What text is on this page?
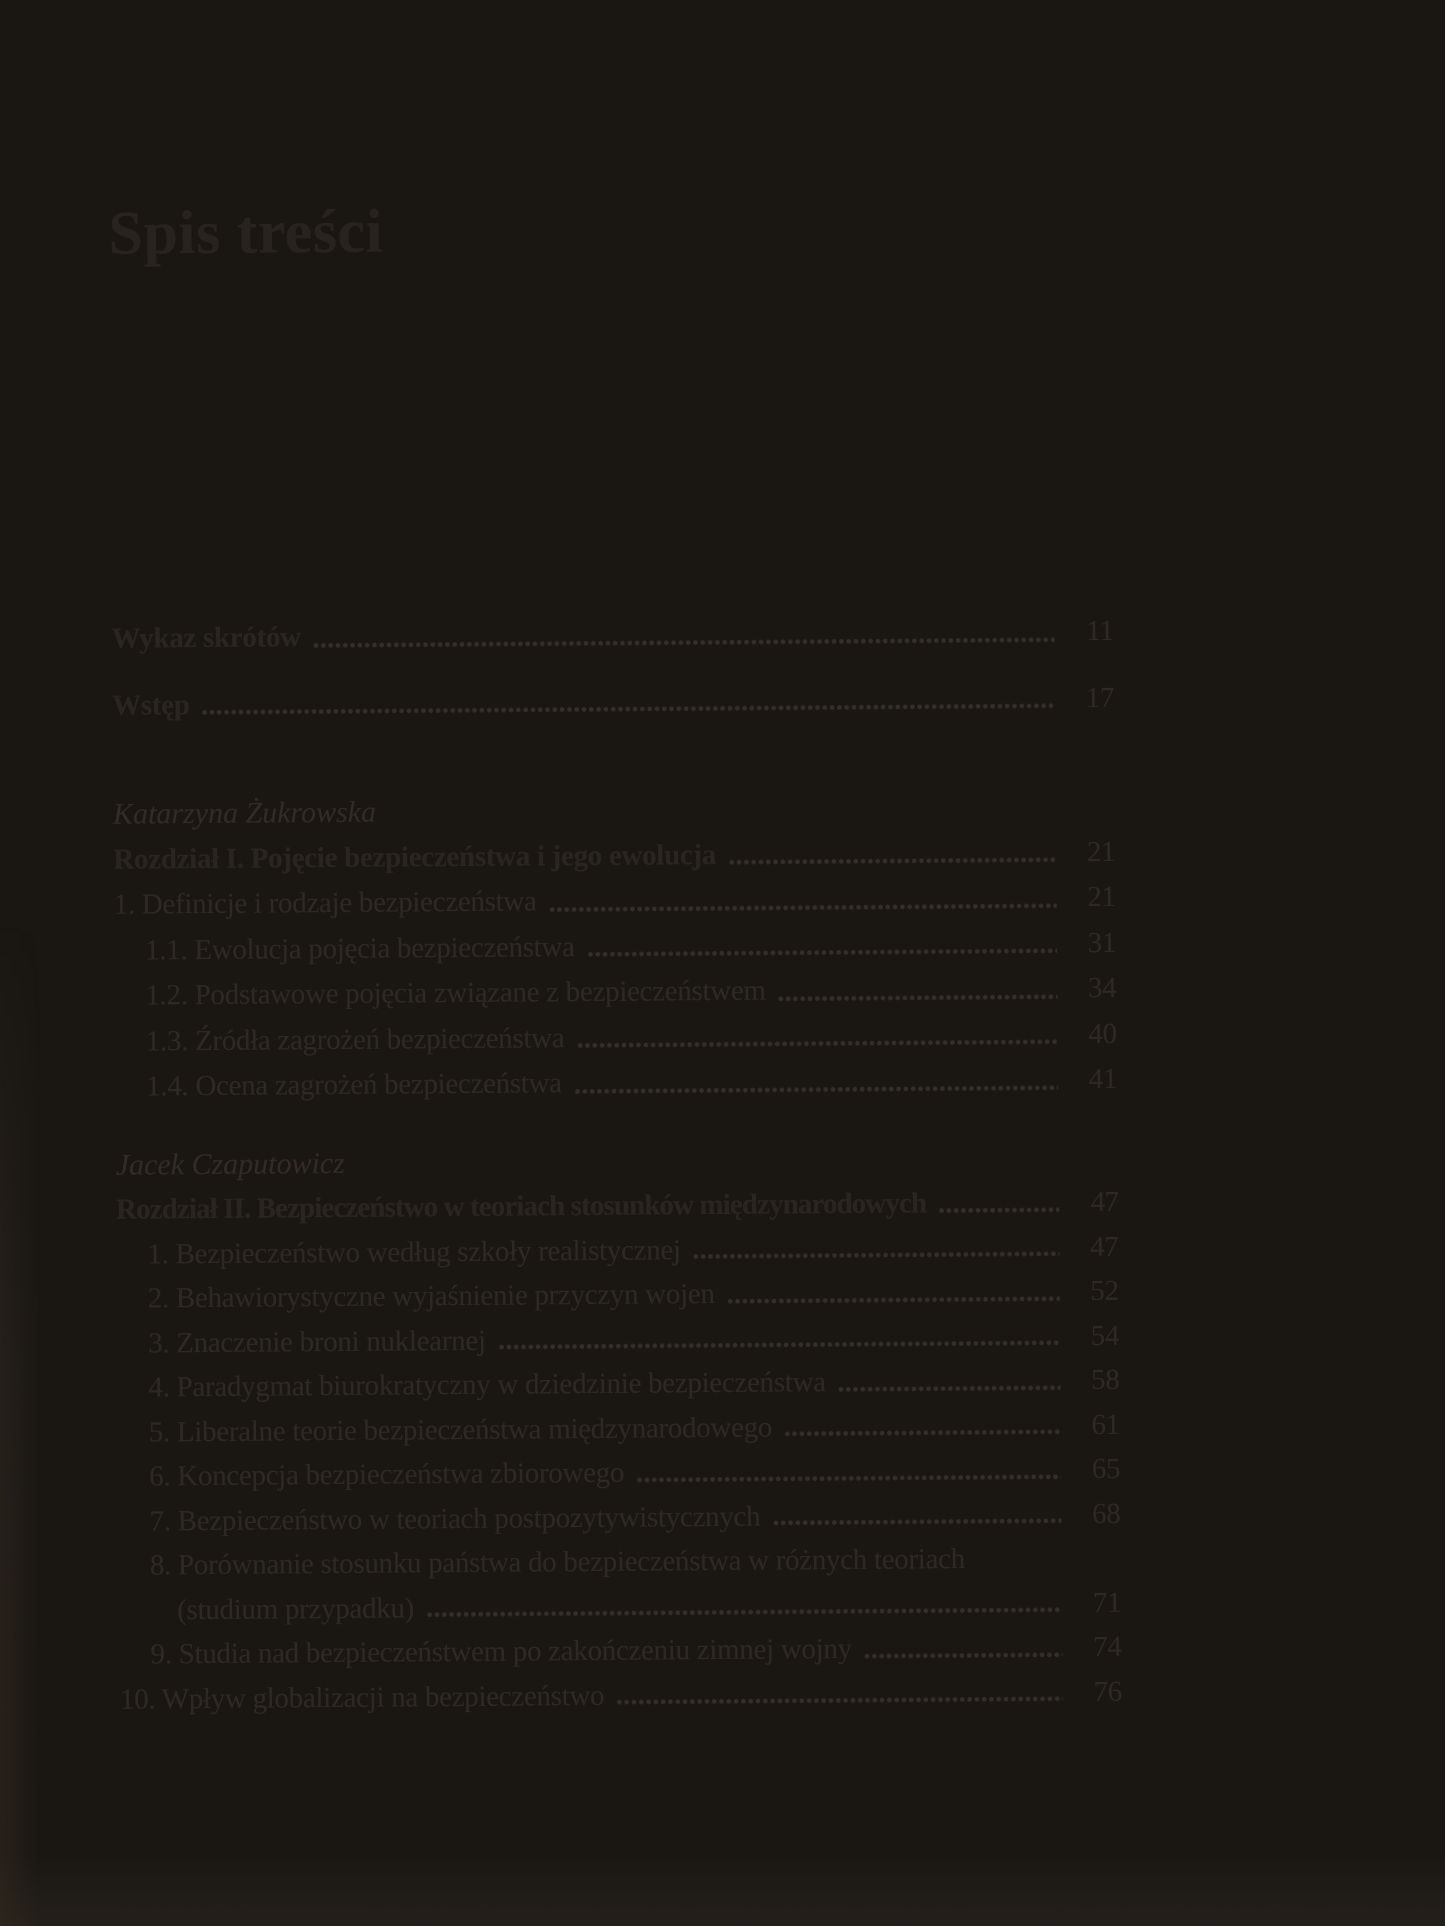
Spis treści
Wykaz skrótów	11
Wstęp	17
Katarzyna Żukrowska
Rozdział I. Pojęcie bezpieczeństwa i jego ewolucja	21
1. Definicje i rodzaje bezpieczeństwa	21
1.1. Ewolucja pojęcia bezpieczeństwa	31
1.2. Podstawowe pojęcia związane z bezpieczeństwem	34
1.3. Źródła zagrożeń bezpieczeństwa	40
1.4. Ocena zagrożeń bezpieczeństwa	41
Jacek Czaputowicz
Rozdział II. Bezpieczeństwo w teoriach stosunków międzynarodowych	47
1. Bezpieczeństwo według szkoły realistycznej	47
2. Behawiorystyczne wyjaśnienie przyczyn wojen	52
3. Znaczenie broni nuklearnej	54
4. Paradygmat biurokratyczny w dziedzinie bezpieczeństwa	58
5. Liberalne teorie bezpieczeństwa międzynarodowego	61
6. Koncepcja bezpieczeństwa zbiorowego	65
7. Bezpieczeństwo w teoriach postpozytywistycznych	68
8. Porównanie stosunku państwa do bezpieczeństwa w różnych teoriach
(studium przypadku)	71
9. Studia nad bezpieczeństwem po zakończeniu zimnej wojny	74
10. Wpływ globalizacji na bezpieczeństwo	76
